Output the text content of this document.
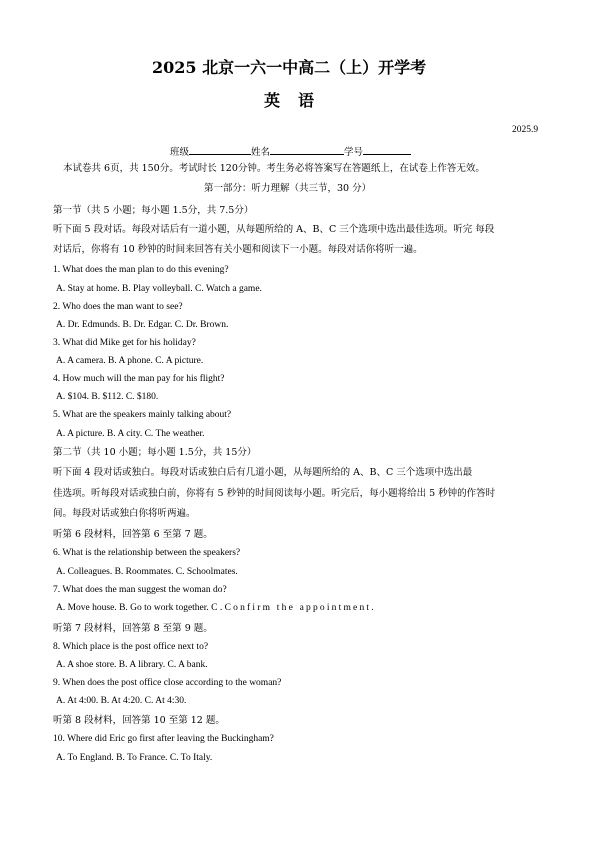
2025 北京一六一中高二（上）开学考
英语
2025.9
班级	姓名	学号
本试卷共 6页，共 150分。考试时长 120分钟。考生务必将答案写在答题纸上，在试卷上作答无效。
第一部分：听力理解（共三节，30 分）
第一节（共 5 小题；每小题 1.5分，共 7.5分）
听下面 5 段对话。每段对话后有一道小题，从每题所给的 A、B、C 三个选项中选出最佳选项。听完 每段
对话后，你将有 10 秒钟的时间来回答有关小题和阅读下一小题。每段对话你将听一遍。
1. What does the man plan to do this evening?
A. Stay at home. B. Play volleyball. C. Watch a game.
2. Who does the man want to see?
A. Dr. Edmunds. B. Dr. Edgar. C. Dr. Brown.
3. What did Mike get for his holiday?
A. A camera. B. A phone. C. A picture.
4. How much will the man pay for his flight?
A. $104. B. $112. C. $180.
5. What are the speakers mainly talking about?
A. A picture. B. A city. C. The weather.
第二节（共 10 小题；每小题 1.5分，共 15分）
听下面 4 段对话或独白。每段对话或独白后有几道小题，从每题所给的 A、B、C 三个选项中选出最
佳选项。听每段对话或独白前，你将有 5 秒钟的时间阅读每小题。听完后，每小题将给出 5 秒钟的作答时
间。每段对话或独白你将听两遍。
听第 6 段材料，回答第 6 至第 7 题。
6. What is the relationship between the speakers?
A. Colleagues. B. Roommates. C. Schoolmates.
7. What does the man suggest the woman do?
A. Move house. B. Go to work together. C . Confirm the appointment.
听第 7 段材料，回答第 8 至第 9 题。
8. Which place is the post office next to?
A. A shoe store. B. A library. C. A bank.
9. When does the post office close according to the woman?
A. At 4:00. B. At 4:20. C. At 4:30.
听第 8 段材料，回答第 10 至第 12 题。
10. Where did Eric go first after leaving the Buckingham?
A. To England. B. To France. C. To Italy.
